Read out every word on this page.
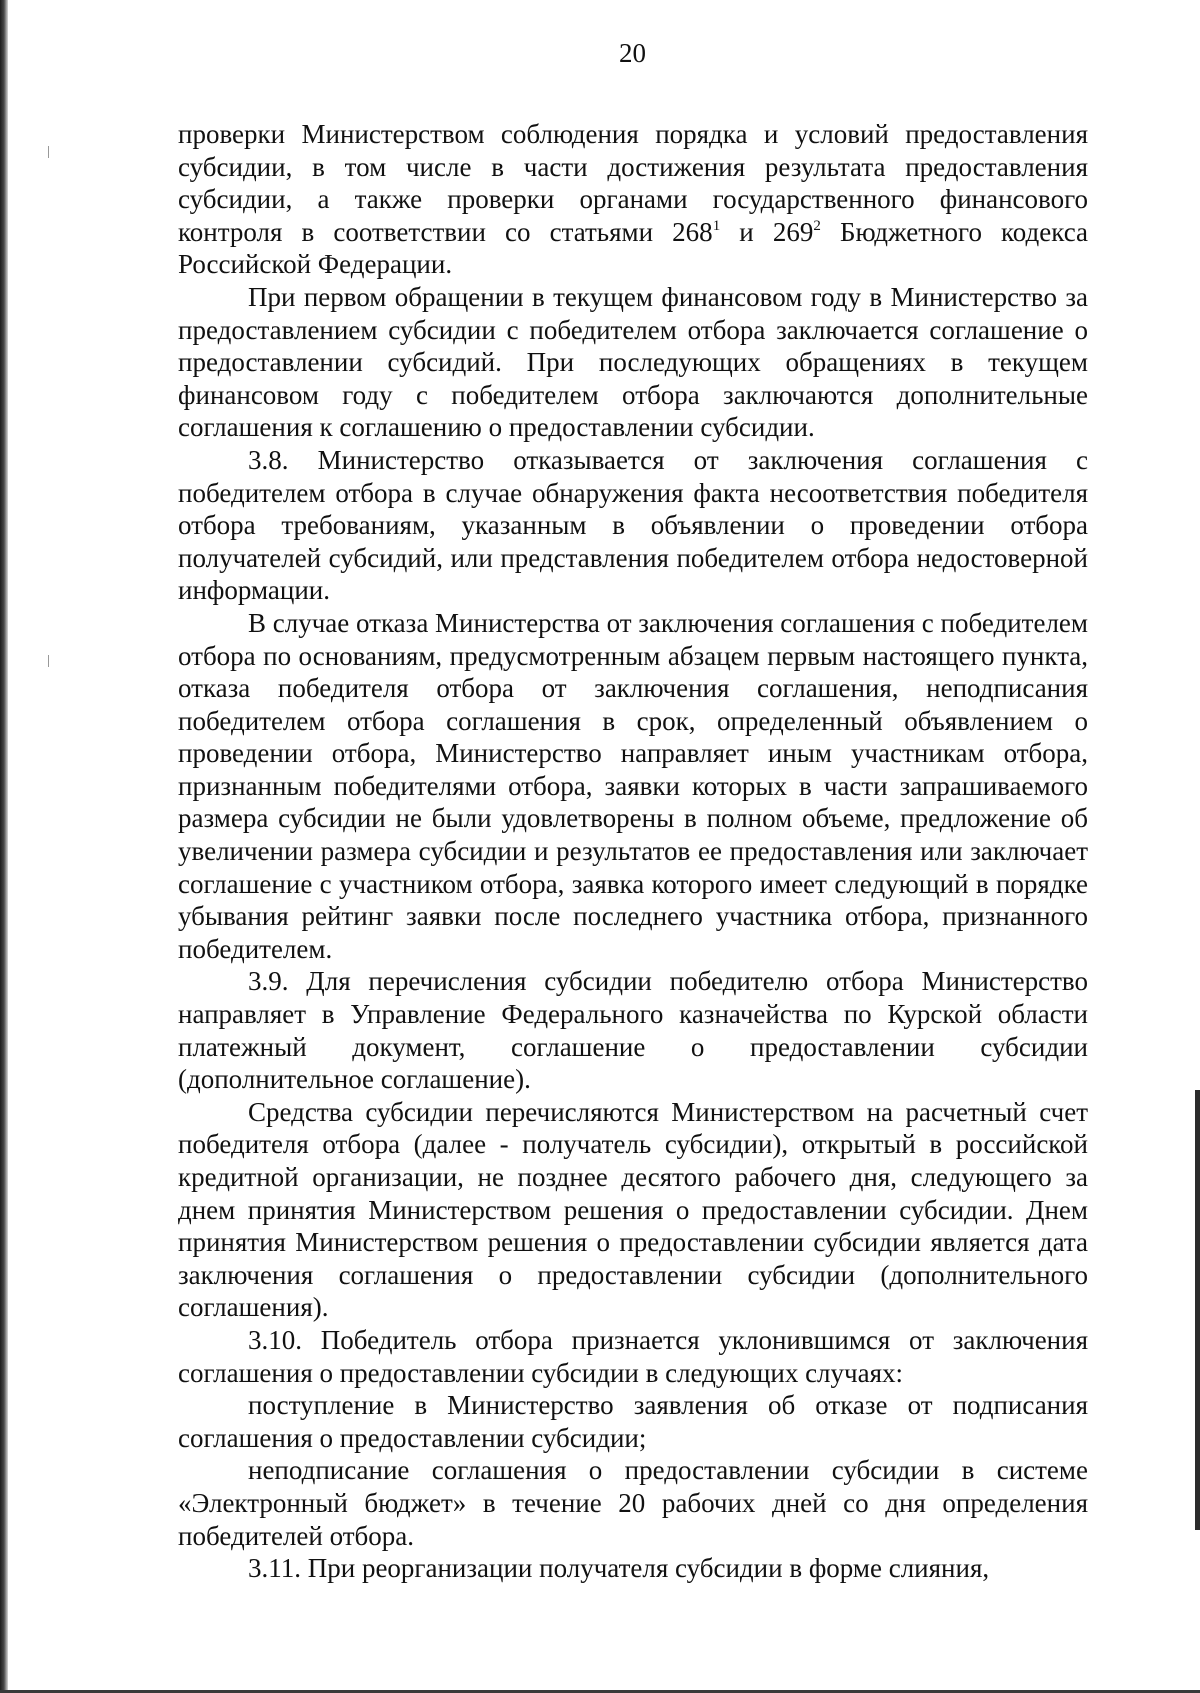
20

проверки Министерством соблюдения порядка и условий предоставления субсидии, в том числе в части достижения результата предоставления субсидии, а также проверки органами государственного финансового контроля в соответствии со статьями $268^1$ и $269^2$ Бюджетного кодекса Российской Федерации.

При первом обращении в текущем финансовом году в Министерство за предоставлением субсидии с победителем отбора заключается соглашение о предоставлении субсидий. При последующих обращениях в текущем финансовом году с победителем отбора заключаются дополнительные соглашения к соглашению о предоставлении субсидии.

3.8. Министерство отказывается от заключения соглашения с победителем отбора в случае обнаружения факта несоответствия победителя отбора требованиям, указанным в объявлении о проведении отбора получателей субсидий, или представления победителем отбора недостоверной информации.

В случае отказа Министерства от заключения соглашения с победителем отбора по основаниям, предусмотренным абзацем первым настоящего пункта, отказа победителя отбора от заключения соглашения, неподписания победителем отбора соглашения в срок, определенный объявлением о проведении отбора, Министерство направляет иным участникам отбора, признанным победителями отбора, заявки которых в части запрашиваемого размера субсидии не были удовлетворены в полном объеме, предложение об увеличении размера субсидии и результатов ее предоставления или заключает соглашение с участником отбора, заявка которого имеет следующий в порядке убывания рейтинг заявки после последнего участника отбора, признанного победителем.

3.9. Для перечисления субсидии победителю отбора Министерство направляет в Управление Федерального казначейства по Курской области платежный документ, соглашение о предоставлении субсидии (дополнительное соглашение).

Средства субсидии перечисляются Министерством на расчетный счет победителя отбора (далее - получатель субсидии), открытый в российской кредитной организации, не позднее десятого рабочего дня, следующего за днем принятия Министерством решения о предоставлении субсидии. Днем принятия Министерством решения о предоставлении субсидии является дата заключения соглашения о предоставлении субсидии (дополнительного соглашения).

3.10. Победитель отбора признается уклонившимся от заключения соглашения о предоставлении субсидии в следующих случаях:

поступление в Министерство заявления об отказе от подписания соглашения о предоставлении субсидии;

неподписание соглашения о предоставлении субсидии в системе «Электронный бюджет» в течение 20 рабочих дней со дня определения победителей отбора.

3.11. При реорганизации получателя субсидии в форме слияния,
